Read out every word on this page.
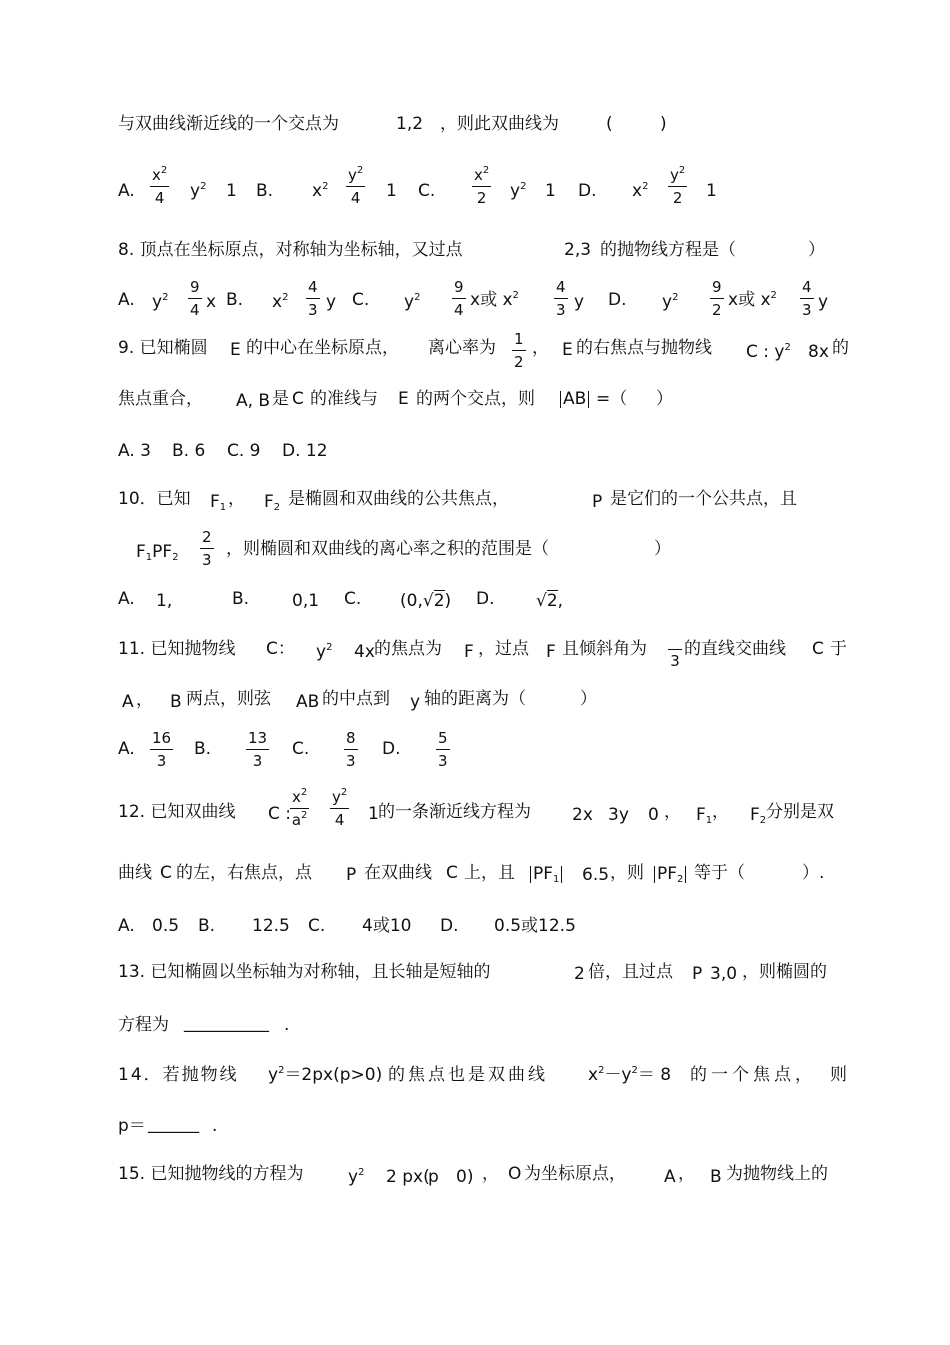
与双曲线渐近线的一个交点为	1,2 ，则此双曲线为	(	)
A.
$x^2$
4 $y^2$ 1 B. $x^2$
$y^2$
4 1 C.
$x^2$
2 $y^2$ 1 D. $x^2$
$y^2$
2 1
8. 顶点在坐标原点，对称轴为坐标轴，又过点	2,3 的抛物线方程是（	）
A. $y^2$
9
4 x B. $x^2$
4
3 y C. $y^2$
9
4 x或 $x^2$ 4
3 y D. $y^2$
9
2 x或 $x^2$ 4
3 y
9. 已知椭圆 E 的中心在坐标原点， 离心率为 1
2
， E 的右焦点与抛物线 C : $y^2$ 8x 的
焦点重合， A, B 是 C 的准线与 E 的两个交点，则 AB =（ ）
A. 3 B. 6 C. 9 D. 12
10．已知 F1 ， F2 是椭圆和双曲线的公共焦点，	P 是它们的一个公共点，且
F1PF2
2
3
，则椭圆和双曲线的离心率之积的范围是（	）
A. 1,	B.	0,1 C. (0,√2) D. √2,
11. 已知抛物线 C： $y^2$ 4x 的焦点为 F ，过点 F 且倾斜角为
3
的直线交曲线 C 于
A ， B 两点，则弦 AB 的中点到 y 轴的距离为（	）
A.
16
3
B.
13
3
C.
8
3
D.
5
3
12. 已知双曲线 C :
$x^2$
$a^2$
$y^2$
4 1 的一条渐近线方程为 2x 3y 0 ， F1 ， F2 分别是双
曲线 C 的左，右焦点，点 P 在双曲线 C 上，且 PF1 6.5 ，则 PF2 等于（	）.
A. 0.5 B. 12.5 C. 4或10 D. 0.5或12.5
13. 已知椭圆以坐标轴为对称轴，且长轴是短轴的	2 倍，且过点 P 3,0 ，则椭圆的
方程为 __________ .
14．若抛物线 $y^2=2px(p>0)$ 的焦点也是双曲线 $x^2-y^2= 8$ 的一个焦点， 则
p＝ ______ .
15. 已知抛物线的方程为	$y^2$ 2 px(
p 0) ， O 为坐标原点， A ， B 为抛物线上的
